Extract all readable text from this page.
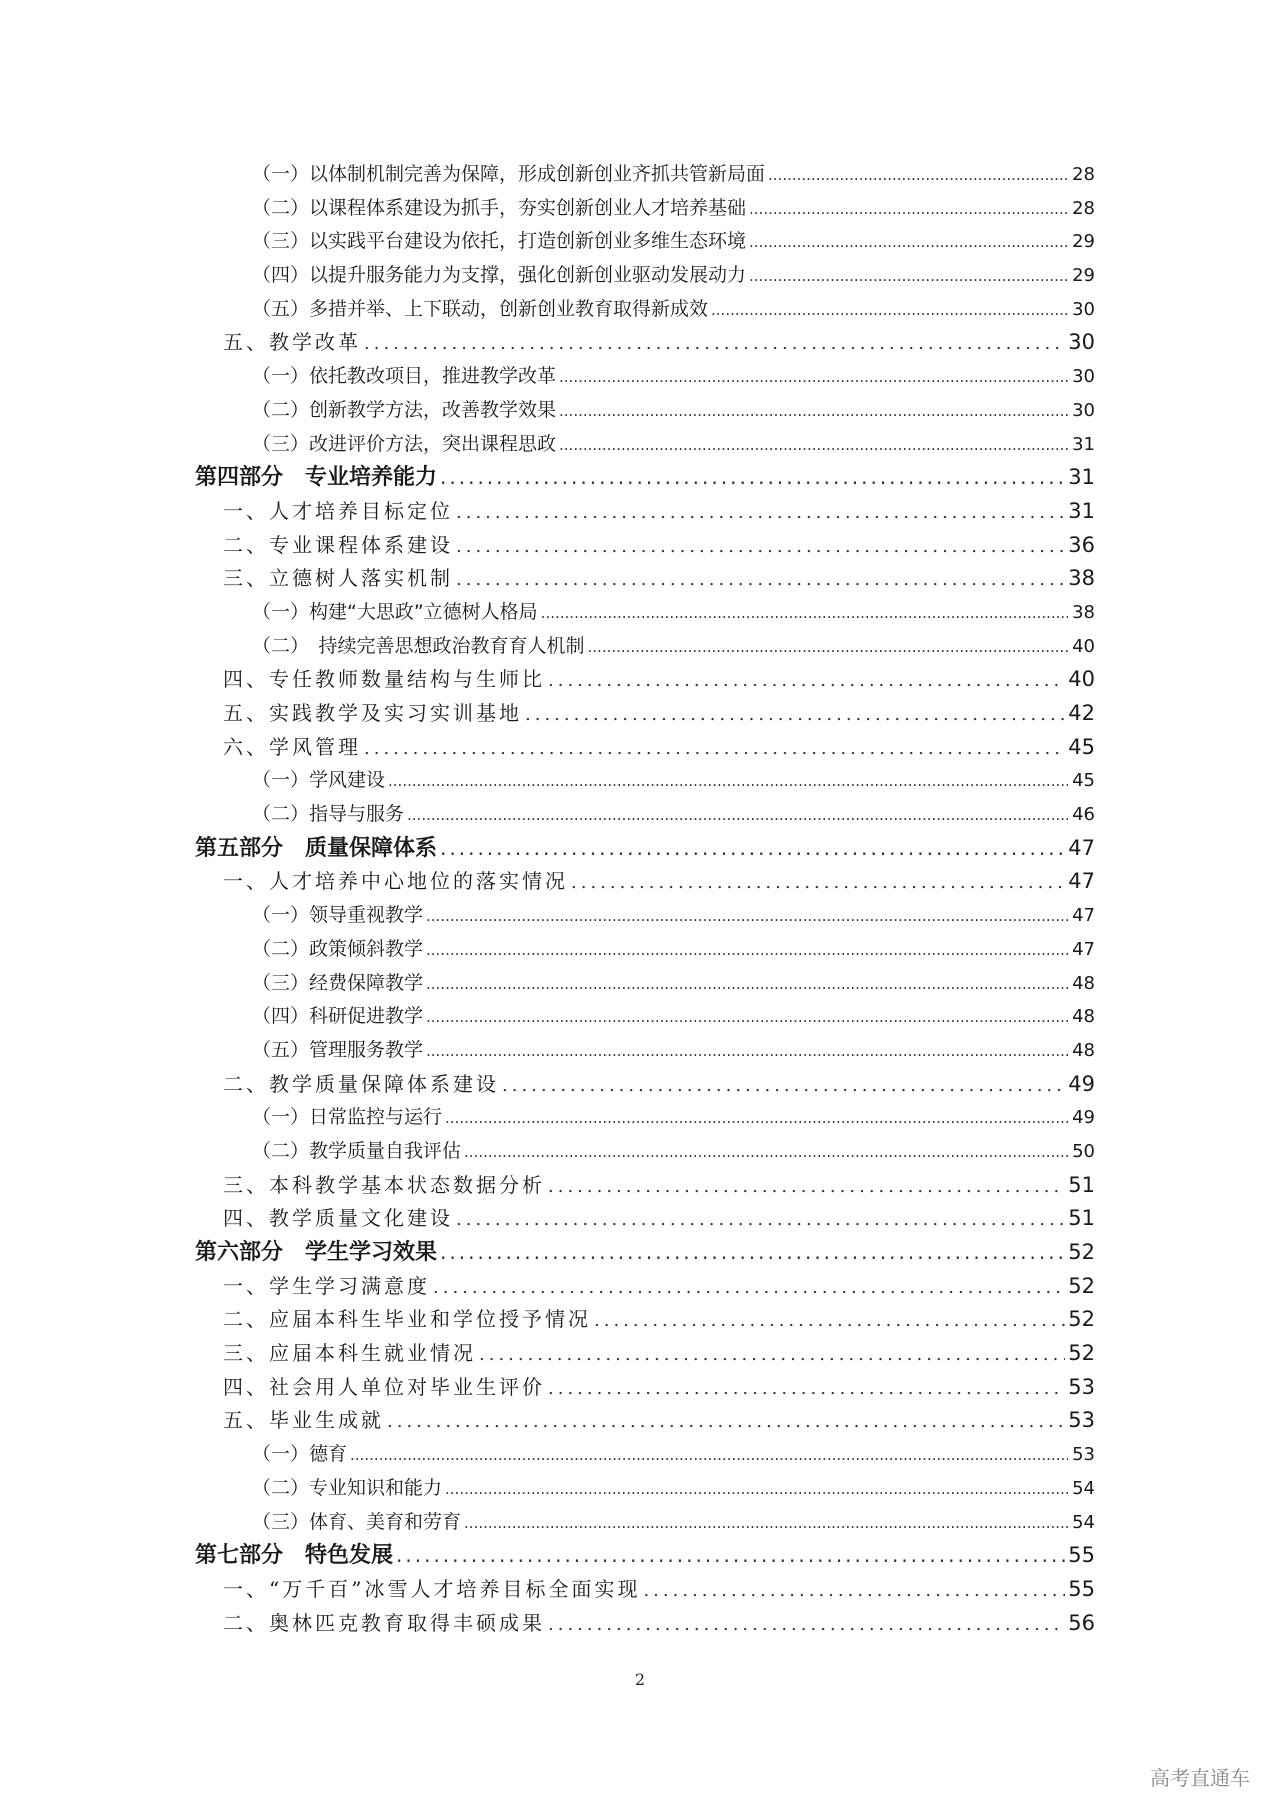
（一）以体制机制完善为保障，形成创新创业齐抓共管新局面 .....	28
（二）以课程体系建设为抓手，夯实创新创业人才培养基础 .....	28
（三）以实践平台建设为依托，打造创新创业多维生态环境 .....	29
（四）以提升服务能力为支撑，强化创新创业驱动发展动力 .....	29
（五）多措并举、上下联动，创新创业教育取得新成效 .....	30
五、教学改革 .....	30
（一）依托教改项目，推进教学改革 .....	30
（二）创新教学方法，改善教学效果 .....	30
（三）改进评价方法，突出课程思政 .....	31
第四部分　专业培养能力 .....	31
一、人才培养目标定位 .....	31
二、专业课程体系建设 .....	36
三、立德树人落实机制 .....	38
（一）构建“大思政”立德树人格局 .....	38
（二）　持续完善思想政治教育育人机制 .....	40
四、专任教师数量结构与生师比 .....	40
五、实践教学及实习实训基地 .....	42
六、学风管理 .....	45
（一）学风建设 .....	45
（二）指导与服务 .....	46
第五部分　质量保障体系 .....	47
一、人才培养中心地位的落实情况 .....	47
（一）领导重视教学 .....	47
（二）政策倾斜教学 .....	47
（三）经费保障教学 .....	48
（四）科研促进教学 .....	48
（五）管理服务教学 .....	48
二、教学质量保障体系建设 .....	49
（一）日常监控与运行 .....	49
（二）教学质量自我评估 .....	50
三、本科教学基本状态数据分析 .....	51
四、教学质量文化建设 .....	51
第六部分　学生学习效果 .....	52
一、学生学习满意度 .....	52
二、应届本科生毕业和学位授予情况 .....	52
三、应届本科生就业情况 .....	52
四、社会用人单位对毕业生评价 .....	53
五、毕业生成就 .....	53
（一）德育 .....	53
（二）专业知识和能力 .....	54
（三）体育、美育和劳育 .....	54
第七部分　特色发展 .....	55
一、“万千百”冰雪人才培养目标全面实现 .....	55
二、奥林匹克教育取得丰硕成果 .....	56
2
高考直通车
